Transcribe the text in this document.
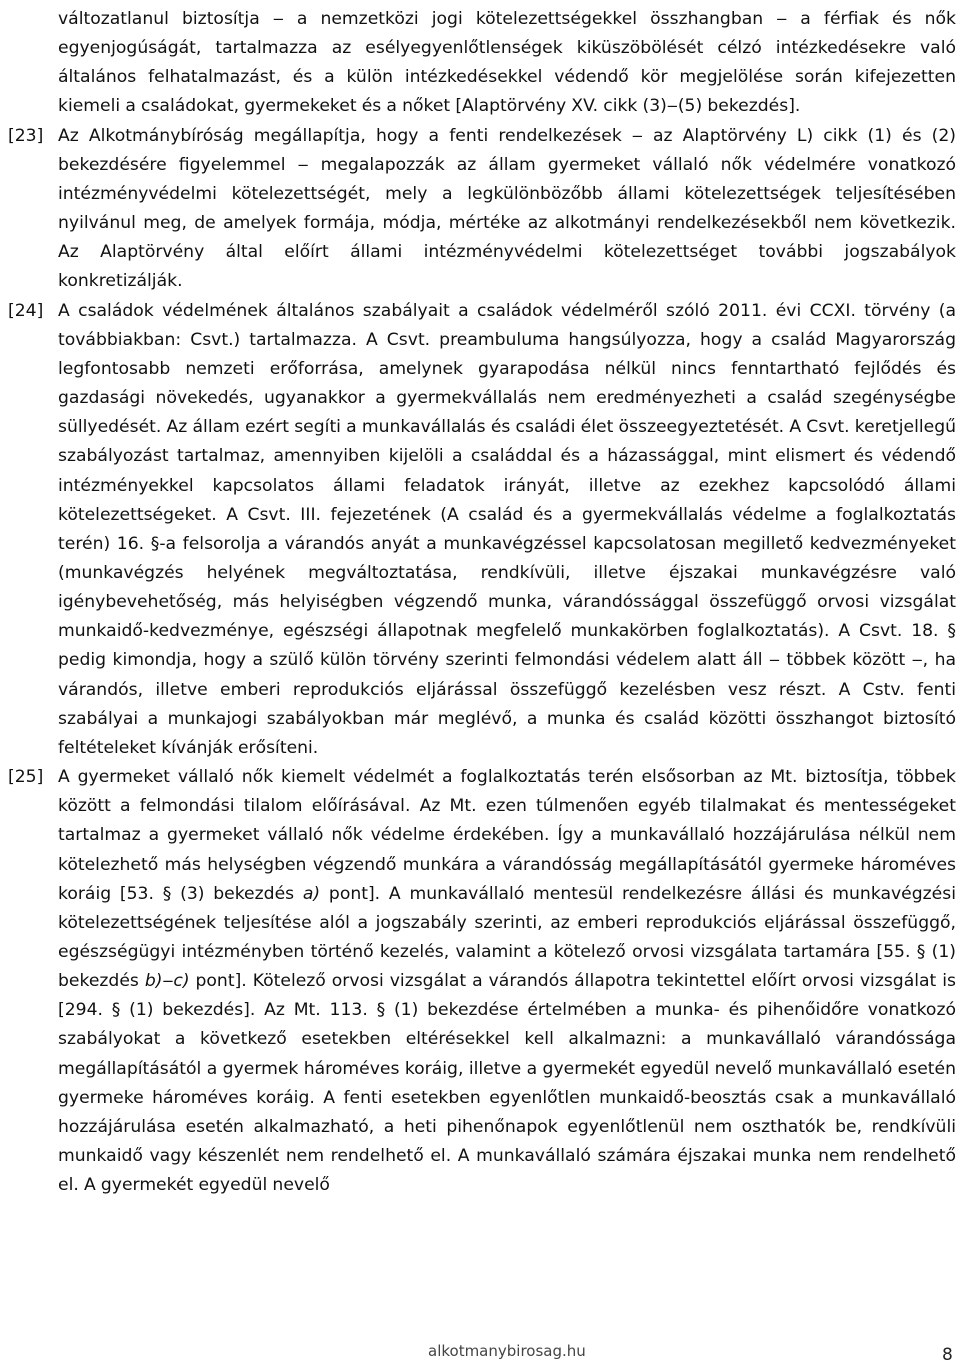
változatlanul biztosítja ‒ a nemzetközi jogi kötelezettségekkel összhangban ‒ a férfiak és nők egyenjogúságát, tartalmazza az esélyegyenlőtlenségek kiküszöbölését célzó intézkedésekre való általános felhatalmazást, és a külön intézkedésekkel védendő kör megjelölése során kifejezetten kiemeli a családokat, gyermekeket és a nőket [Alaptörvény XV. cikk (3)‒(5) bekezdés].
[23] Az Alkotmánybíróság megállapítja, hogy a fenti rendelkezések ‒ az Alaptörvény L) cikk (1) és (2) bekezdésére figyelemmel ‒ megalapozzák az állam gyermeket vállaló nők védelmére vonatkozó intézményvédelmi kötelezettségét, mely a legkülönbözőbb állami kötelezettségek teljesítésében nyilvánul meg, de amelyek formája, módja, mértéke az alkotmányi rendelkezésekből nem következik. Az Alaptörvény által előírt állami intézményvédelmi kötelezettséget további jogszabályok konkretizálják.
[24] A családok védelmének általános szabályait a családok védelméről szóló 2011. évi CCXI. törvény (a továbbiakban: Csvt.) tartalmazza. A Csvt. preambuluma hangsúlyozza, hogy a család Magyarország legfontosabb nemzeti erőforrása, amelynek gyarapodása nélkül nincs fenntartható fejlődés és gazdasági növekedés, ugyanakkor a gyermekvállalás nem eredményezheti a család szegénységbe süllyedését. Az állam ezért segíti a munkavállalás és családi élet összeegyeztetését. A Csvt. keretjellegű szabályozást tartalmaz, amennyiben kijelöli a családdal és a házassággal, mint elismert és védendő intézményekkel kapcsolatos állami feladatok irányát, illetve az ezekhez kapcsolódó állami kötelezettségeket. A Csvt. III. fejezetének (A család és a gyermekvállalás védelme a foglalkoztatás terén) 16. §-a felsorolja a várandós anyát a munkavégzéssel kapcsolatosan megillető kedvezményeket (munkavégzés helyének megváltoztatása, rendkívüli, illetve éjszakai munkavégzésre való igénybevehetőség, más helyiségben végzendő munka, várandóssággal összefüggő orvosi vizsgálat munkaidő-kedvezménye, egészségi állapotnak megfelelő munkakörben foglalkoztatás). A Csvt. 18. § pedig kimondja, hogy a szülő külön törvény szerinti felmondási védelem alatt áll ‒ többek között ‒, ha várandós, illetve emberi reprodukciós eljárással összefüggő kezelésben vesz részt. A Cstv. fenti szabályai a munkajogi szabályokban már meglévő, a munka és család közötti összhangot biztosító feltételeket kívánják erősíteni.
[25] A gyermeket vállaló nők kiemelt védelmét a foglalkoztatás terén elsősorban az Mt. biztosítja, többek között a felmondási tilalom előírásával. Az Mt. ezen túlmenően egyéb tilalmakat és mentességeket tartalmaz a gyermeket vállaló nők védelme érdekében. Így a munkavállaló hozzájárulása nélkül nem kötelezhető más helységben végzendő munkára a várandósság megállapításától gyermeke hároméves koráig [53. § (3) bekezdés a) pont]. A munkavállaló mentesül rendelkezésre állási és munkavégzési kötelezettségének teljesítése alól a jogszabály szerinti, az emberi reprodukciós eljárással összefüggő, egészségügyi intézményben történő kezelés, valamint a kötelező orvosi vizsgálata tartamára [55. § (1) bekezdés b)‒c) pont]. Kötelező orvosi vizsgálat a várandós állapotra tekintettel előírt orvosi vizsgálat is [294. § (1) bekezdés]. Az Mt. 113. § (1) bekezdése értelmében a munka- és pihenőidőre vonatkozó szabályokat a következő esetekben eltérésekkel kell alkalmazni: a munkavállaló várandóssága megállapításától a gyermek hároméves koráig, illetve a gyermekét egyedül nevelő munkavállaló esetén gyermeke hároméves koráig. A fenti esetekben egyenlőtlen munkaidő-beosztás csak a munkavállaló hozzájárulása esetén alkalmazható, a heti pihenőnapok egyenlőtlenül nem oszthatók be, rendkívüli munkaidő vagy készenlét nem rendelhető el. A munkavállaló számára éjszakai munka nem rendelhető el. A gyermekét egyedül nevelő
alkotmanybirosag.hu	8
